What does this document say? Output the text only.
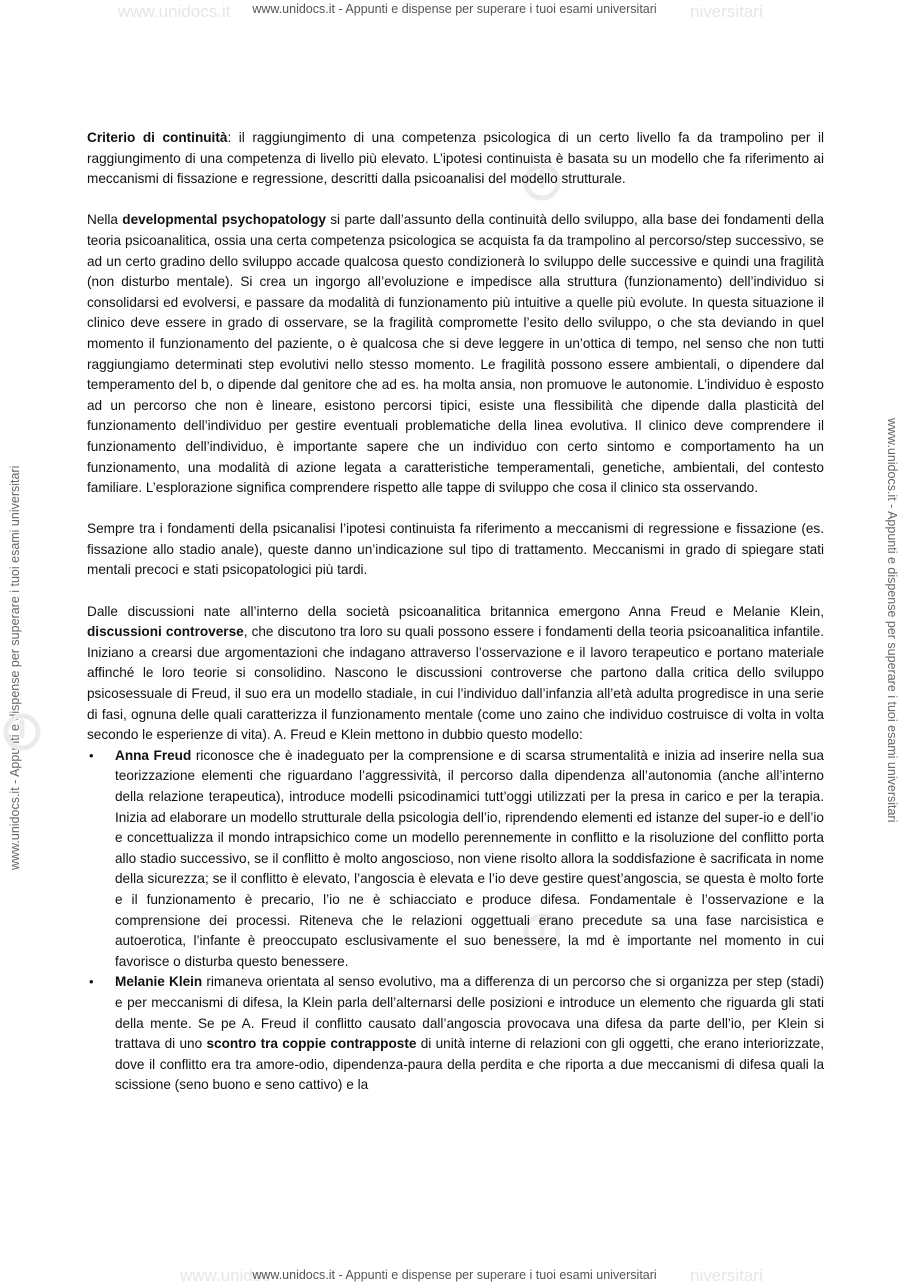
www.unidocs.it	niversitari
www.unidoc	niversitari
www.unidocs.it - Appunti e dispense per superare i tuoi esami universitari
www.unidocs.it - Appunti e dispense per superare i tuoi esami universitari
www.unidocs.it - Appunti e dispense per superare i tuoi esami universitari	www.unidocs.it - Appunti e dispense per superare i tuoi esami universitari

Criterio di continuità: il raggiungimento di una competenza psicologica di un certo livello fa da trampolino per il raggiungimento di una competenza di livello più elevato. L’ipotesi continuista è basata su un modello che fa riferimento ai meccanismi di fissazione e regressione, descritti dalla psicoanalisi del modello strutturale.

Nella developmental psychopatology si parte dall’assunto della continuità dello sviluppo, alla base dei fondamenti della teoria psicoanalitica, ossia una certa competenza psicologica se acquista fa da trampolino al percorso/step successivo, se ad un certo gradino dello sviluppo accade qualcosa questo condizionerà lo sviluppo delle successive e quindi una fragilità (non disturbo mentale). Si crea un ingorgo all’evoluzione e impedisce alla struttura (funzionamento) dell’individuo si consolidarsi ed evolversi, e passare da modalità di funzionamento più intuitive a quelle più evolute. In questa situazione il clinico deve essere in grado di osservare, se la fragilità compromette l’esito dello sviluppo, o che sta deviando in quel momento il funzionamento del paziente, o è qualcosa che si deve leggere in un’ottica di tempo, nel senso che non tutti raggiungiamo determinati step evolutivi nello stesso momento. Le fragilità possono essere ambientali, o dipendere dal temperamento del b, o dipende dal genitore che ad es. ha molta ansia, non promuove le autonomie. L’individuo è esposto ad un percorso che non è lineare, esistono percorsi tipici, esiste una flessibilità che dipende dalla plasticità del funzionamento dell’individuo per gestire eventuali problematiche della linea evolutiva. Il clinico deve comprendere il funzionamento dell’individuo, è importante sapere che un individuo con certo sintomo e comportamento ha un funzionamento, una modalità di azione legata a caratteristiche temperamentali, genetiche, ambientali, del contesto familiare. L’esplorazione significa comprendere rispetto alle tappe di sviluppo che cosa il clinico sta osservando.

Sempre tra i fondamenti della psicanalisi l’ipotesi continuista fa riferimento a meccanismi di regressione e fissazione (es. fissazione allo stadio anale), queste danno un’indicazione sul tipo di trattamento. Meccanismi in grado di spiegare stati mentali precoci e stati psicopatologici più tardi.

Dalle discussioni nate all’interno della società psicoanalitica britannica emergono Anna Freud e Melanie Klein, discussioni controverse, che discutono tra loro su quali possono essere i fondamenti della teoria psicoanalitica infantile. Iniziano a crearsi due argomentazioni che indagano attraverso l’osservazione e il lavoro terapeutico e portano materiale affinché le loro teorie si consolidino. Nascono le discussioni controverse che partono dalla critica dello sviluppo psicosessuale di Freud, il suo era un modello stadiale, in cui l’individuo dall’infanzia all’età adulta progredisce in una serie di fasi, ognuna delle quali caratterizza il funzionamento mentale (come uno zaino che individuo costruisce di volta in volta secondo le esperienze di vita). A. Freud e Klein mettono in dubbio questo modello:
• Anna Freud riconosce che è inadeguato per la comprensione e di scarsa strumentalità e inizia ad inserire nella sua teorizzazione elementi che riguardano l’aggressività, il percorso dalla dipendenza all’autonomia (anche all’interno della relazione terapeutica), introduce modelli psicodinamici tutt’oggi utilizzati per la presa in carico e per la terapia. Inizia ad elaborare un modello strutturale della psicologia dell’io, riprendendo elementi ed istanze del super-io e dell’io e concettualizza il mondo intrapsichico come un modello perennemente in conflitto e la risoluzione del conflitto porta allo stadio successivo, se il conflitto è molto angoscioso, non viene risolto allora la soddisfazione è sacrificata in nome della sicurezza; se il conflitto è elevato, l’angoscia è elevata e l’io deve gestire quest’angoscia, se questa è molto forte e il funzionamento è precario, l’io ne è schiacciato e produce difesa. Fondamentale è l’osservazione e la comprensione dei processi. Riteneva che le relazioni oggettuali erano precedute sa una fase narcisistica e autoerotica, l’infante è preoccupato esclusivamente el suo benessere, la md è importante nel momento in cui favorisce o disturba questo benessere.
• Melanie Klein rimaneva orientata al senso evolutivo, ma a differenza di un percorso che si organizza per step (stadi) e per meccanismi di difesa, la Klein parla dell’alternarsi delle posizioni e introduce un elemento che riguarda gli stati della mente. Se pe A. Freud il conflitto causato dall’angoscia provocava una difesa da parte dell’io, per Klein si trattava di uno scontro tra coppie contrapposte di unità interne di relazioni con gli oggetti, che erano interiorizzate, dove il conflitto era tra amore-odio, dipendenza-paura della perdita e che riporta a due meccanismi di difesa quali la scissione (seno buono e seno cattivo) e la
